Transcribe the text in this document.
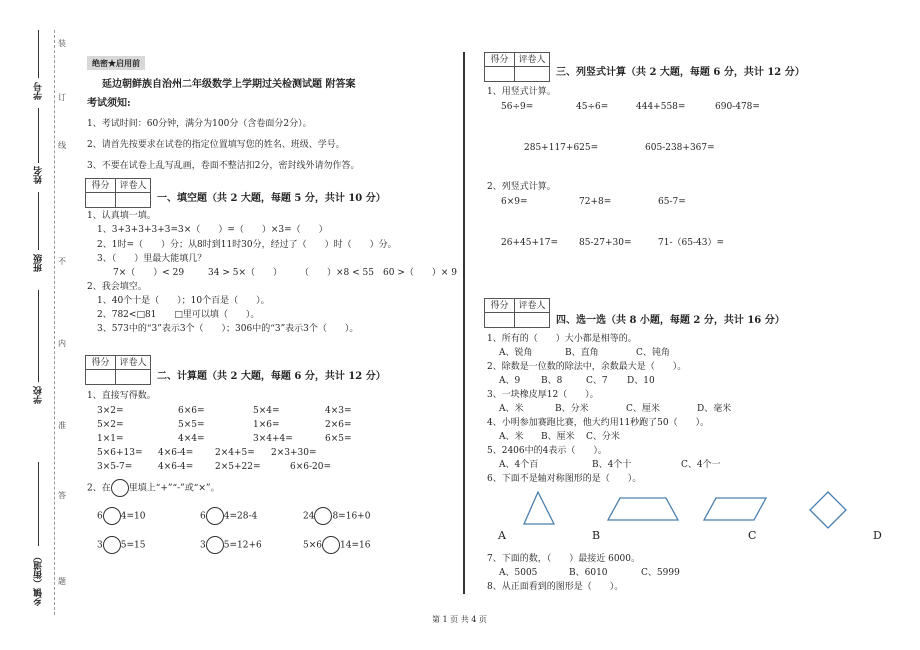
学号
姓名
班级
学校
乡镇（街道）
装
订
线
不
内
准
答
题
绝密★启用前
延边朝鲜族自治州二年级数学上学期过关检测试题 附答案
考试须知:
1、考试时间：60分钟，满分为100分（含卷面分2分）。
2、请首先按要求在试卷的指定位置填写您的姓名、班级、学号。
3、不要在试卷上乱写乱画，卷面不整洁扣2分，密封线外请勿作答。
得分	评卷人
一、填空题（共 2 大题，每题 5 分，共计 10 分）
1、认真填一填。
1、3+3+3+3+3=3×（　　）=（　　）×3=（　　）
2、1时=（　　）分；从8时到11时30分，经过了（　　）时（　　）分。
3、（　　）里最大能填几？
7×（　　）< 29	34 > 5×（　　） （　　）×8 < 55 60 >（　　）× 9
2、我会填空。
1、40个十是（　　）；10个百是（　　）。
2、782<□81　　□里可以填（　　）。
3、573中的“3”表示3个（　　）；306中的“3”表示3个（　　）。
得分	评卷人
二、计算题（共 2 大题，每题 6 分，共计 12 分）
1、直接写得数。
3×2=	6×6=	5×4=	4×3=
5×2=	5×5=	1×6=	2×6=
1×1=	4×4=	3×4+4=	6×5=
5×6+13= 4×6-4= 2×4+5= 2×3+30=
3×5-7=	4×6-4= 2×5+22=	6×6-20=
2、在 里填上“+”“-”或“×”。
6 4=10	6 4=28-4	24 8=16+0
3 5=15	3 5=12+6	5×6 14=16
得分	评卷人
三、列竖式计算（共 2 大题，每题 6 分，共计 12 分）
1、用竖式计算。
56÷9=	45÷6=	444+558=	690-478=
285+117+625=	605-238+367=
2、列竖式计算。
6×9=	72+8=	65-7=
26+45+17= 85-27+30=	71-（65-43）=
得分	评卷人
四、选一选（共 8 小题，每题 2 分，共计 16 分）
1、所有的（　　）大小都是相等的。
A、锐角	B、直角	C、钝角
2、除数是一位数的除法中，余数最大是（　　）。
A、9 B、8	C、7 D、10
3、一块橡皮厚12（　　）。
A、米	B、分米	C、厘米	D、毫米
4、小明参加赛跑比赛，他大约用11秒跑了50（　　）。
A、米 B、厘米 C、分米
5、2406中的4表示（　　）。
A、4个百	B、4个十	C、4个一
6、下面不是轴对称图形的是（　　）。
A	B	C	D
7、下面的数，（　　）最接近 6000。
A、5005	B、6010	C、5999
8、从正面看到的图形是（　　）。
第 1 页 共 4 页
